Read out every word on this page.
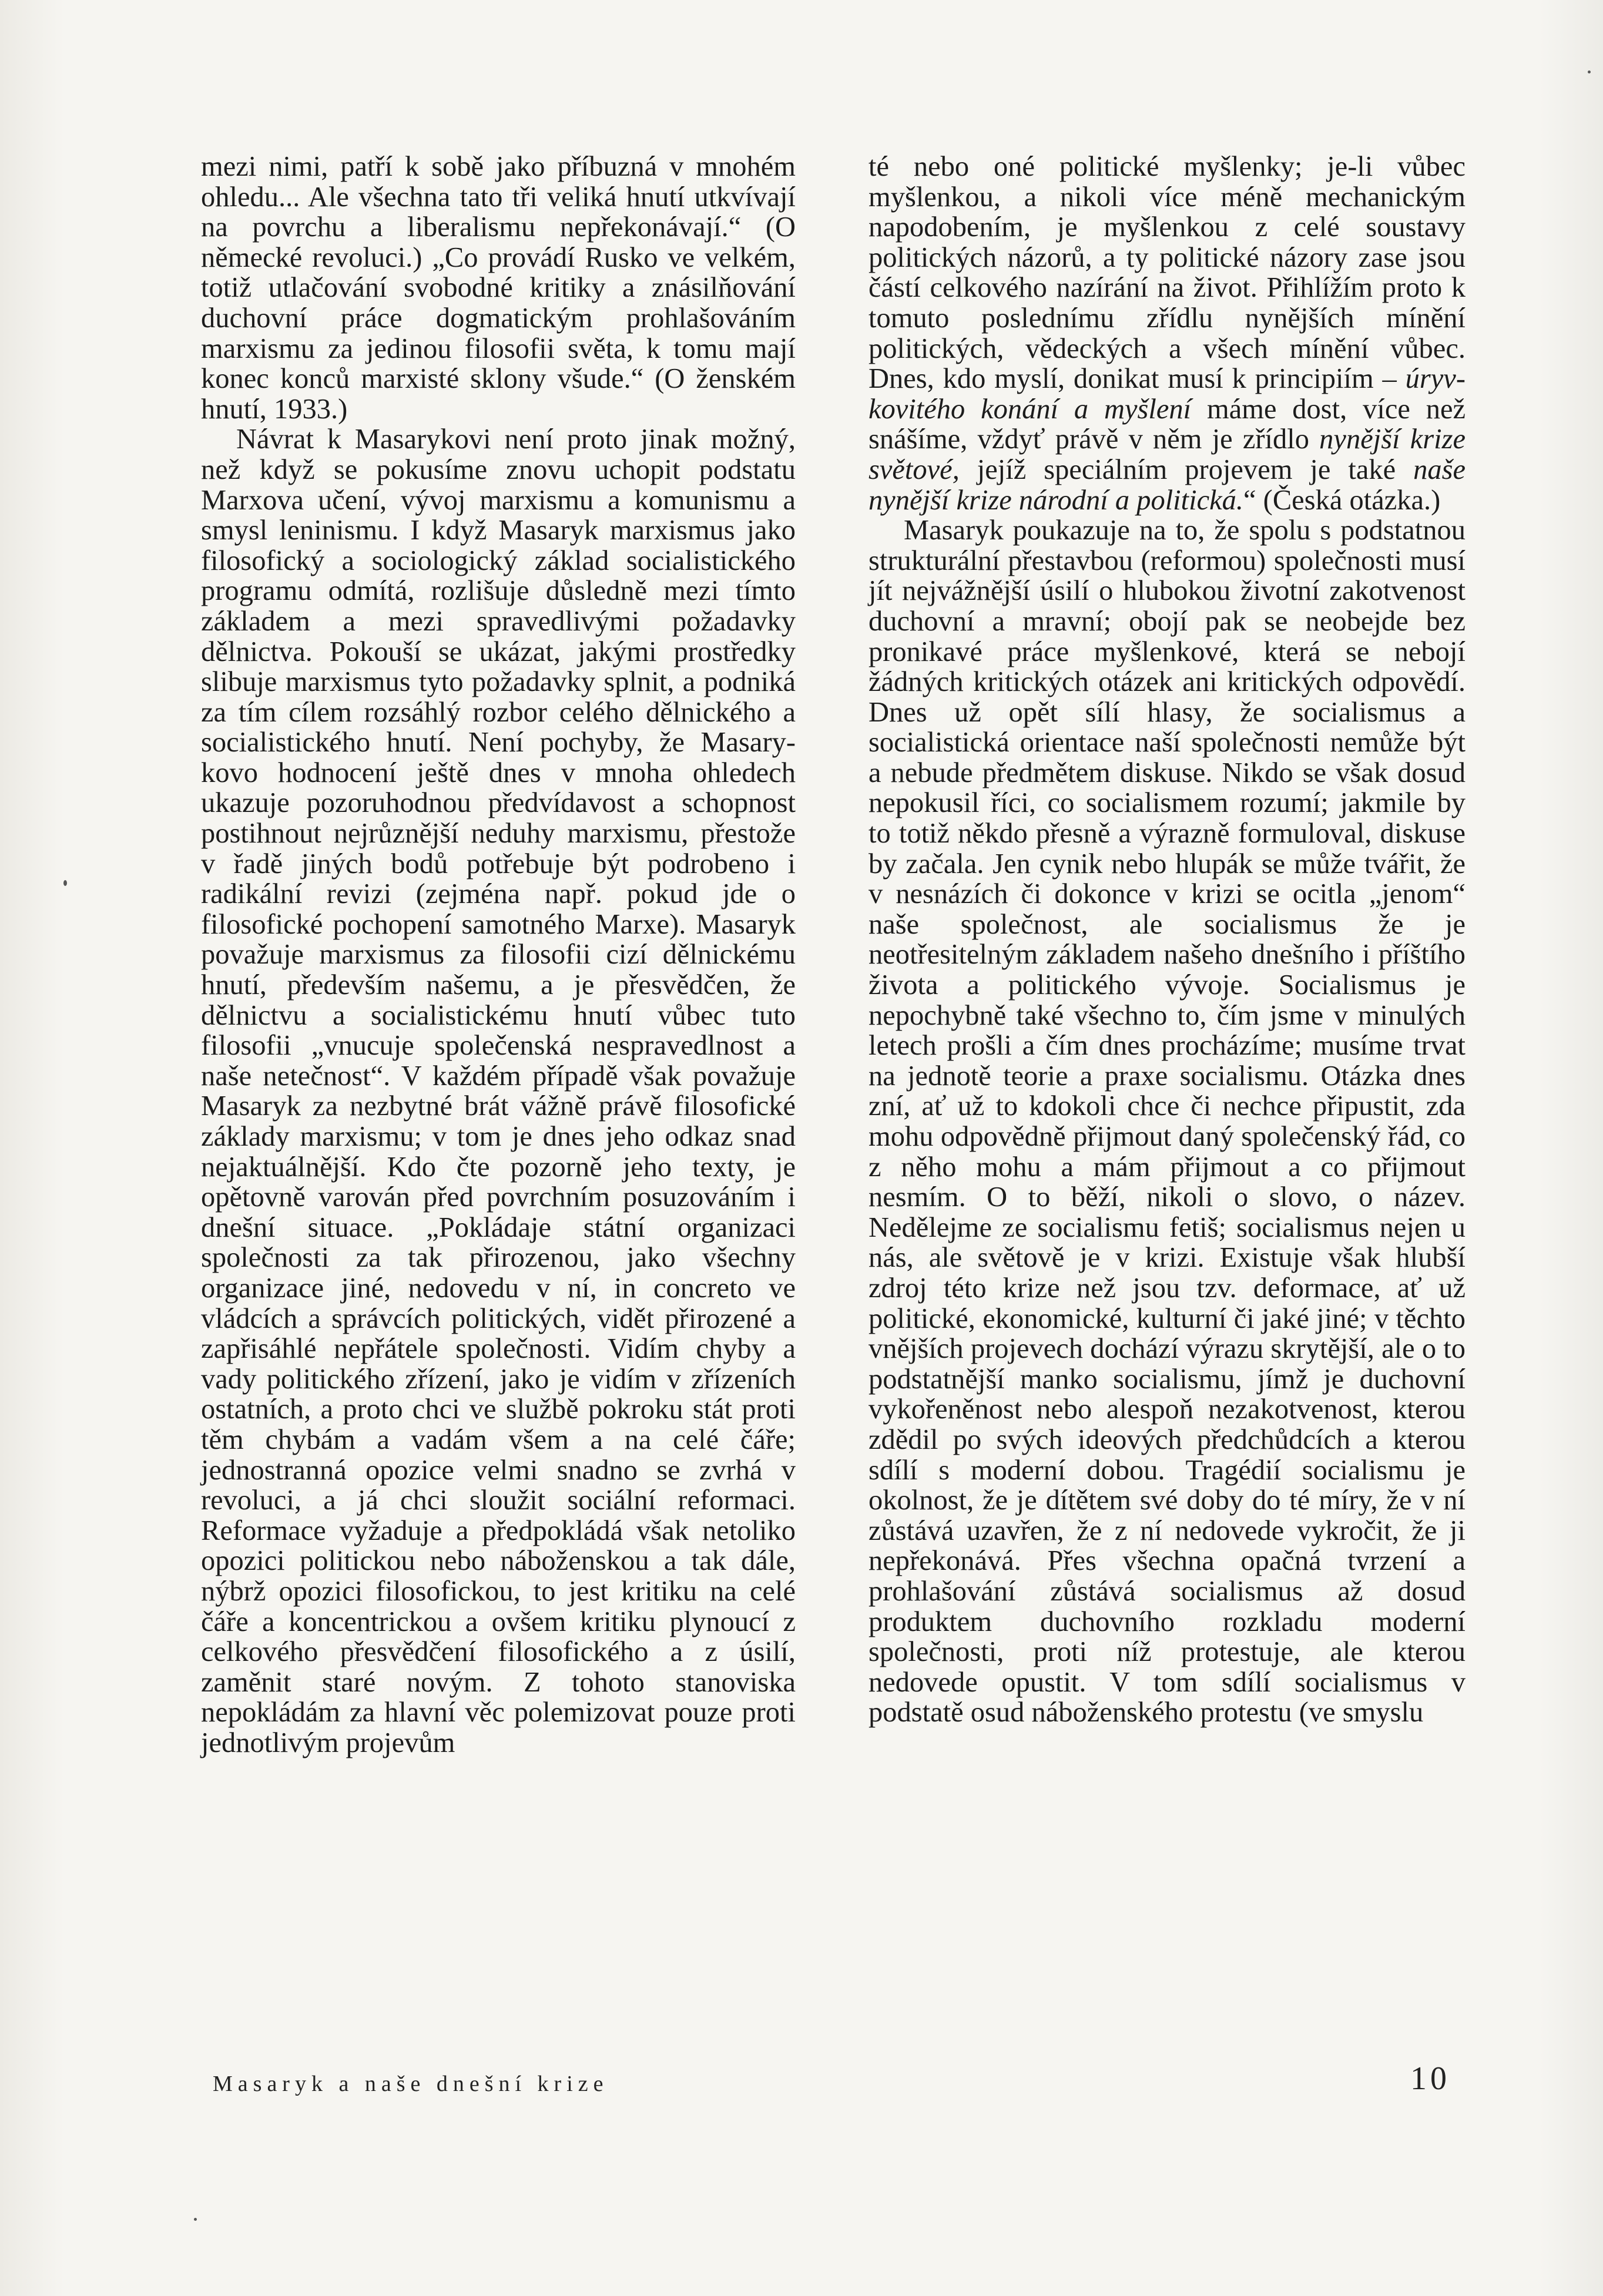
mezi nimi, patří k sobě jako příbuzná v mnohém ohledu... Ale všechna tato tři veliká hnutí utkvívají na povrchu a liberalismu nepřekonávají.“ (O německé revoluci.) „Co provádí Rusko ve velkém, totiž utlačování svobodné kritiky a znásilňování duchovní práce dogmatickým prohlašováním marxismu za jedinou filosofii světa, k tomu mají konec konců marxisté sklony všude.“ (O ženském hnutí, 1933.)

Návrat k Masarykovi není proto jinak možný, než když se pokusíme znovu uchopit podstatu Marxova učení, vývoj marxismu a komunismu a smysl leninismu. I když Masaryk marxismus jako filosofický a sociologický základ socialistického programu odmítá, rozlišuje důsledně mezi tímto základem a mezi spravedlivými požadavky dělnictva. Pokouší se ukázat, jakými prostředky slibuje marxismus tyto požadavky splnit, a podniká za tím cílem rozsáhlý rozbor celého dělnického a socialistického hnutí. Není pochyby, že Masarykovo hodnocení ještě dnes v mnoha ohledech ukazuje pozoruhodnou předvídavost a schopnost postihnout nejrůznější neduhy marxismu, přestože v řadě jiných bodů potřebuje být podrobeno i radikální revizi (zejména např. pokud jde o filosofické pochopení samotného Marxe). Masaryk považuje marxismus za filosofii cizí dělnickému hnutí, především našemu, a je přesvědčen, že dělnictvu a socialistickému hnutí vůbec tuto filosofii „vnucuje společenská nespravedlnost a naše netečnost“. V každém případě však považuje Masaryk za nezbytné brát vážně právě filosofické základy marxismu; v tom je dnes jeho odkaz snad nejaktuálnější. Kdo čte pozorně jeho texty, je opětovně varován před povrchním posuzováním i dnešní situace. „Pokládaje státní organizaci společnosti za tak přirozenou, jako všechny organizace jiné, nedovedu v ní, in concreto ve vládcích a správcích politických, vidět přirozené a zapřisáhlé nepřátele společnosti. Vidím chyby a vady politického zřízení, jako je vidím v zřízeních ostatních, a proto chci ve službě pokroku stát proti těm chybám a vadám všem a na celé čáře; jednostranná opozice velmi snadno se zvrhá v revoluci, a já chci sloužit sociální reformaci. Reformace vyžaduje a předpokládá však netoliko opozici politickou nebo náboženskou a tak dále, nýbrž opozici filosofickou, to jest kritiku na celé čáře a koncentrickou a ovšem kritiku plynoucí z celkového přesvědčení filosofického a z úsilí, zaměnit staré novým. Z tohoto stanoviska nepokládám za hlavní věc polemizovat pouze proti jednotlivým projevům

té nebo oné politické myšlenky; je-li vůbec myšlenkou, a nikoli více méně mechanickým napodobením, je myšlenkou z celé soustavy politických názorů, a ty politické názory zase jsou částí celkového nazírání na život. Přihlížím proto k tomuto poslednímu zřídlu nynějších mínění politických, vědeckých a všech mínění vůbec. Dnes, kdo myslí, donikat musí k principiím – úryvkovitého konání a myšlení máme dost, více než snášíme, vždyť právě v něm je zřídlo nynější krize světové, jejíž speciálním projevem je také naše nynější krize národní a politická.“ (Česká otázka.)

Masaryk poukazuje na to, že spolu s podstatnou strukturální přestavbou (reformou) společnosti musí jít nejvážnější úsilí o hlubokou životní zakotvenost duchovní a mravní; obojí pak se neobejde bez pronikavé práce myšlenkové, která se nebojí žádných kritických otázek ani kritických odpovědí. Dnes už opět sílí hlasy, že socialismus a socialistická orientace naší společnosti nemůže být a nebude předmětem diskuse. Nikdo se však dosud nepokusil říci, co socialismem rozumí; jakmile by to totiž někdo přesně a výrazně formuloval, diskuse by začala. Jen cynik nebo hlupák se může tvářit, že v nesnázích či dokonce v krizi se ocitla „jenom“ naše společnost, ale socialismus že je neotřesitelným základem našeho dnešního i příštího života a politického vývoje. Socialismus je nepochybně také všechno to, čím jsme v minulých letech prošli a čím dnes procházíme; musíme trvat na jednotě teorie a praxe socialismu. Otázka dnes zní, ať už to kdokoli chce či nechce připustit, zda mohu odpovědně přijmout daný společenský řád, co z něho mohu a mám přijmout a co přijmout nesmím. O to běží, nikoli o slovo, o název. Nedělejme ze socialismu fetiš; socialismus nejen u nás, ale světově je v krizi. Existuje však hlubší zdroj této krize než jsou tzv. deformace, ať už politické, ekonomické, kulturní či jaké jiné; v těchto vnějších projevech dochází výrazu skrytější, ale o to podstatnější manko socialismu, jímž je duchovní vykořeněnost nebo alespoň nezakotvenost, kterou zdědil po svých ideových předchůdcích a kterou sdílí s moderní dobou. Tragédií socialismu je okolnost, že je dítětem své doby do té míry, že v ní zůstává uzavřen, že z ní nedovede vykročit, že ji nepřekonává. Přes všechna opačná tvrzení a prohlašování zůstává socialismus až dosud produktem duchovního rozkladu moderní společnosti, proti níž protestuje, ale kterou nedovede opustit. V tom sdílí socialismus v podstatě osud náboženského protestu (ve smyslu

Masaryk a naše dnešní krize	10
